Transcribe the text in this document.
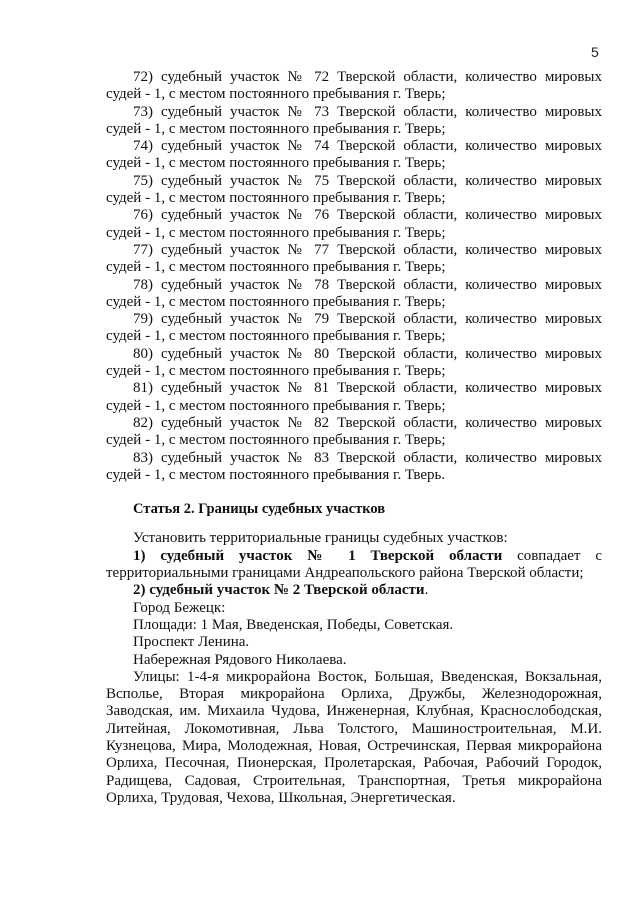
5
72) судебный участок № 72 Тверской области, количество мировых
судей - 1, с местом постоянного пребывания г. Тверь;
73) судебный участок № 73 Тверской области, количество мировых
судей - 1, с местом постоянного пребывания г. Тверь;
74) судебный участок № 74 Тверской области, количество мировых
судей - 1, с местом постоянного пребывания г. Тверь;
75) судебный участок № 75 Тверской области, количество мировых
судей - 1, с местом постоянного пребывания г. Тверь;
76) судебный участок № 76 Тверской области, количество мировых
судей - 1, с местом постоянного пребывания г. Тверь;
77) судебный участок № 77 Тверской области, количество мировых
судей - 1, с местом постоянного пребывания г. Тверь;
78) судебный участок № 78 Тверской области, количество мировых
судей - 1, с местом постоянного пребывания г. Тверь;
79) судебный участок № 79 Тверской области, количество мировых
судей - 1, с местом постоянного пребывания г. Тверь;
80) судебный участок № 80 Тверской области, количество мировых
судей - 1, с местом постоянного пребывания г. Тверь;
81) судебный участок № 81 Тверской области, количество мировых
судей - 1, с местом постоянного пребывания г. Тверь;
82) судебный участок № 82 Тверской области, количество мировых
судей - 1, с местом постоянного пребывания г. Тверь;
83) судебный участок № 83 Тверской области, количество мировых
судей - 1, с местом постоянного пребывания г. Тверь.
Статья 2. Границы судебных участков
Установить территориальные границы судебных участков:
1) судебный участок № 1 Тверской области совпадает с
территориальными границами Андреапольского района Тверской области;
2) судебный участок № 2 Тверской области.
Город Бежецк:
Площади: 1 Мая, Введенская, Победы, Советская.
Проспект Ленина.
Набережная Рядового Николаева.
Улицы: 1-4-я микрорайона Восток, Большая, Введенская, Вокзальная, Всполье, Вторая микрорайона Орлиха, Дружбы, Железнодорожная, Заводская, им. Михаила Чудова, Инженерная, Клубная, Краснослободская, Литейная, Локомотивная, Льва Толстого, Машиностроительная, М.И. Кузнецова, Мира, Молодежная, Новая, Остречинская, Первая микрорайона Орлиха, Песочная, Пионерская, Пролетарская, Рабочая, Рабочий Городок, Радищева, Садовая, Строительная, Транспортная, Третья микрорайона Орлиха, Трудовая, Чехова, Школьная, Энергетическая.
